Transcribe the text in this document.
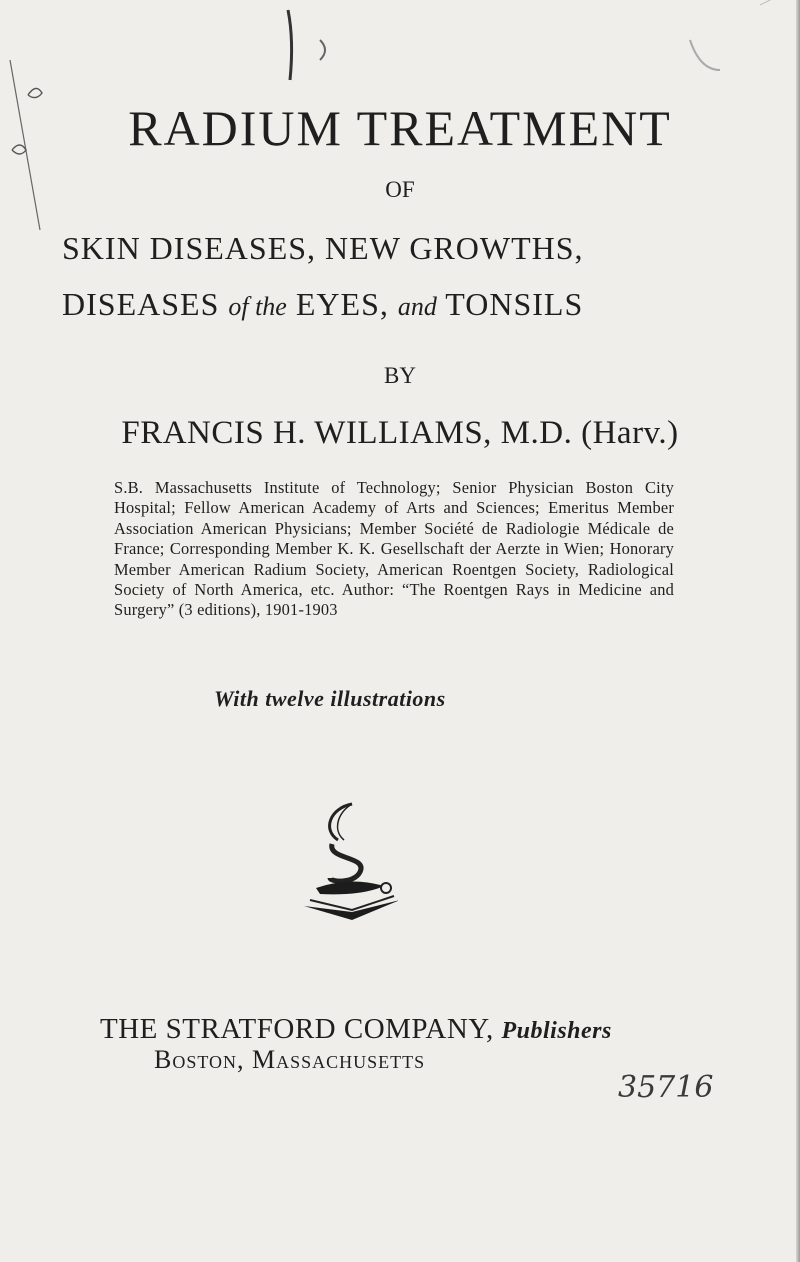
RADIUM TREATMENT
OF
SKIN DISEASES, NEW GROWTHS,
DISEASES of the EYES, and TONSILS
BY
FRANCIS H. WILLIAMS, M.D. (Harv.)
S.B. Massachusetts Institute of Technology; Senior Physician Boston City Hospital; Fellow American Academy of Arts and Sciences; Emeritus Member Association American Physicians; Member Société de Radiologie Médicale de France; Corresponding Member K. K. Gesellschaft der Aerzte in Wien; Honorary Member American Radium Society, American Roentgen Society, Radiological Society of North America, etc. Author: “The Roentgen Rays in Medicine and Surgery” (3 editions), 1901-1903
With twelve illustrations
THE STRATFORD COMPANY, Publishers
Boston, Massachusetts
35716
